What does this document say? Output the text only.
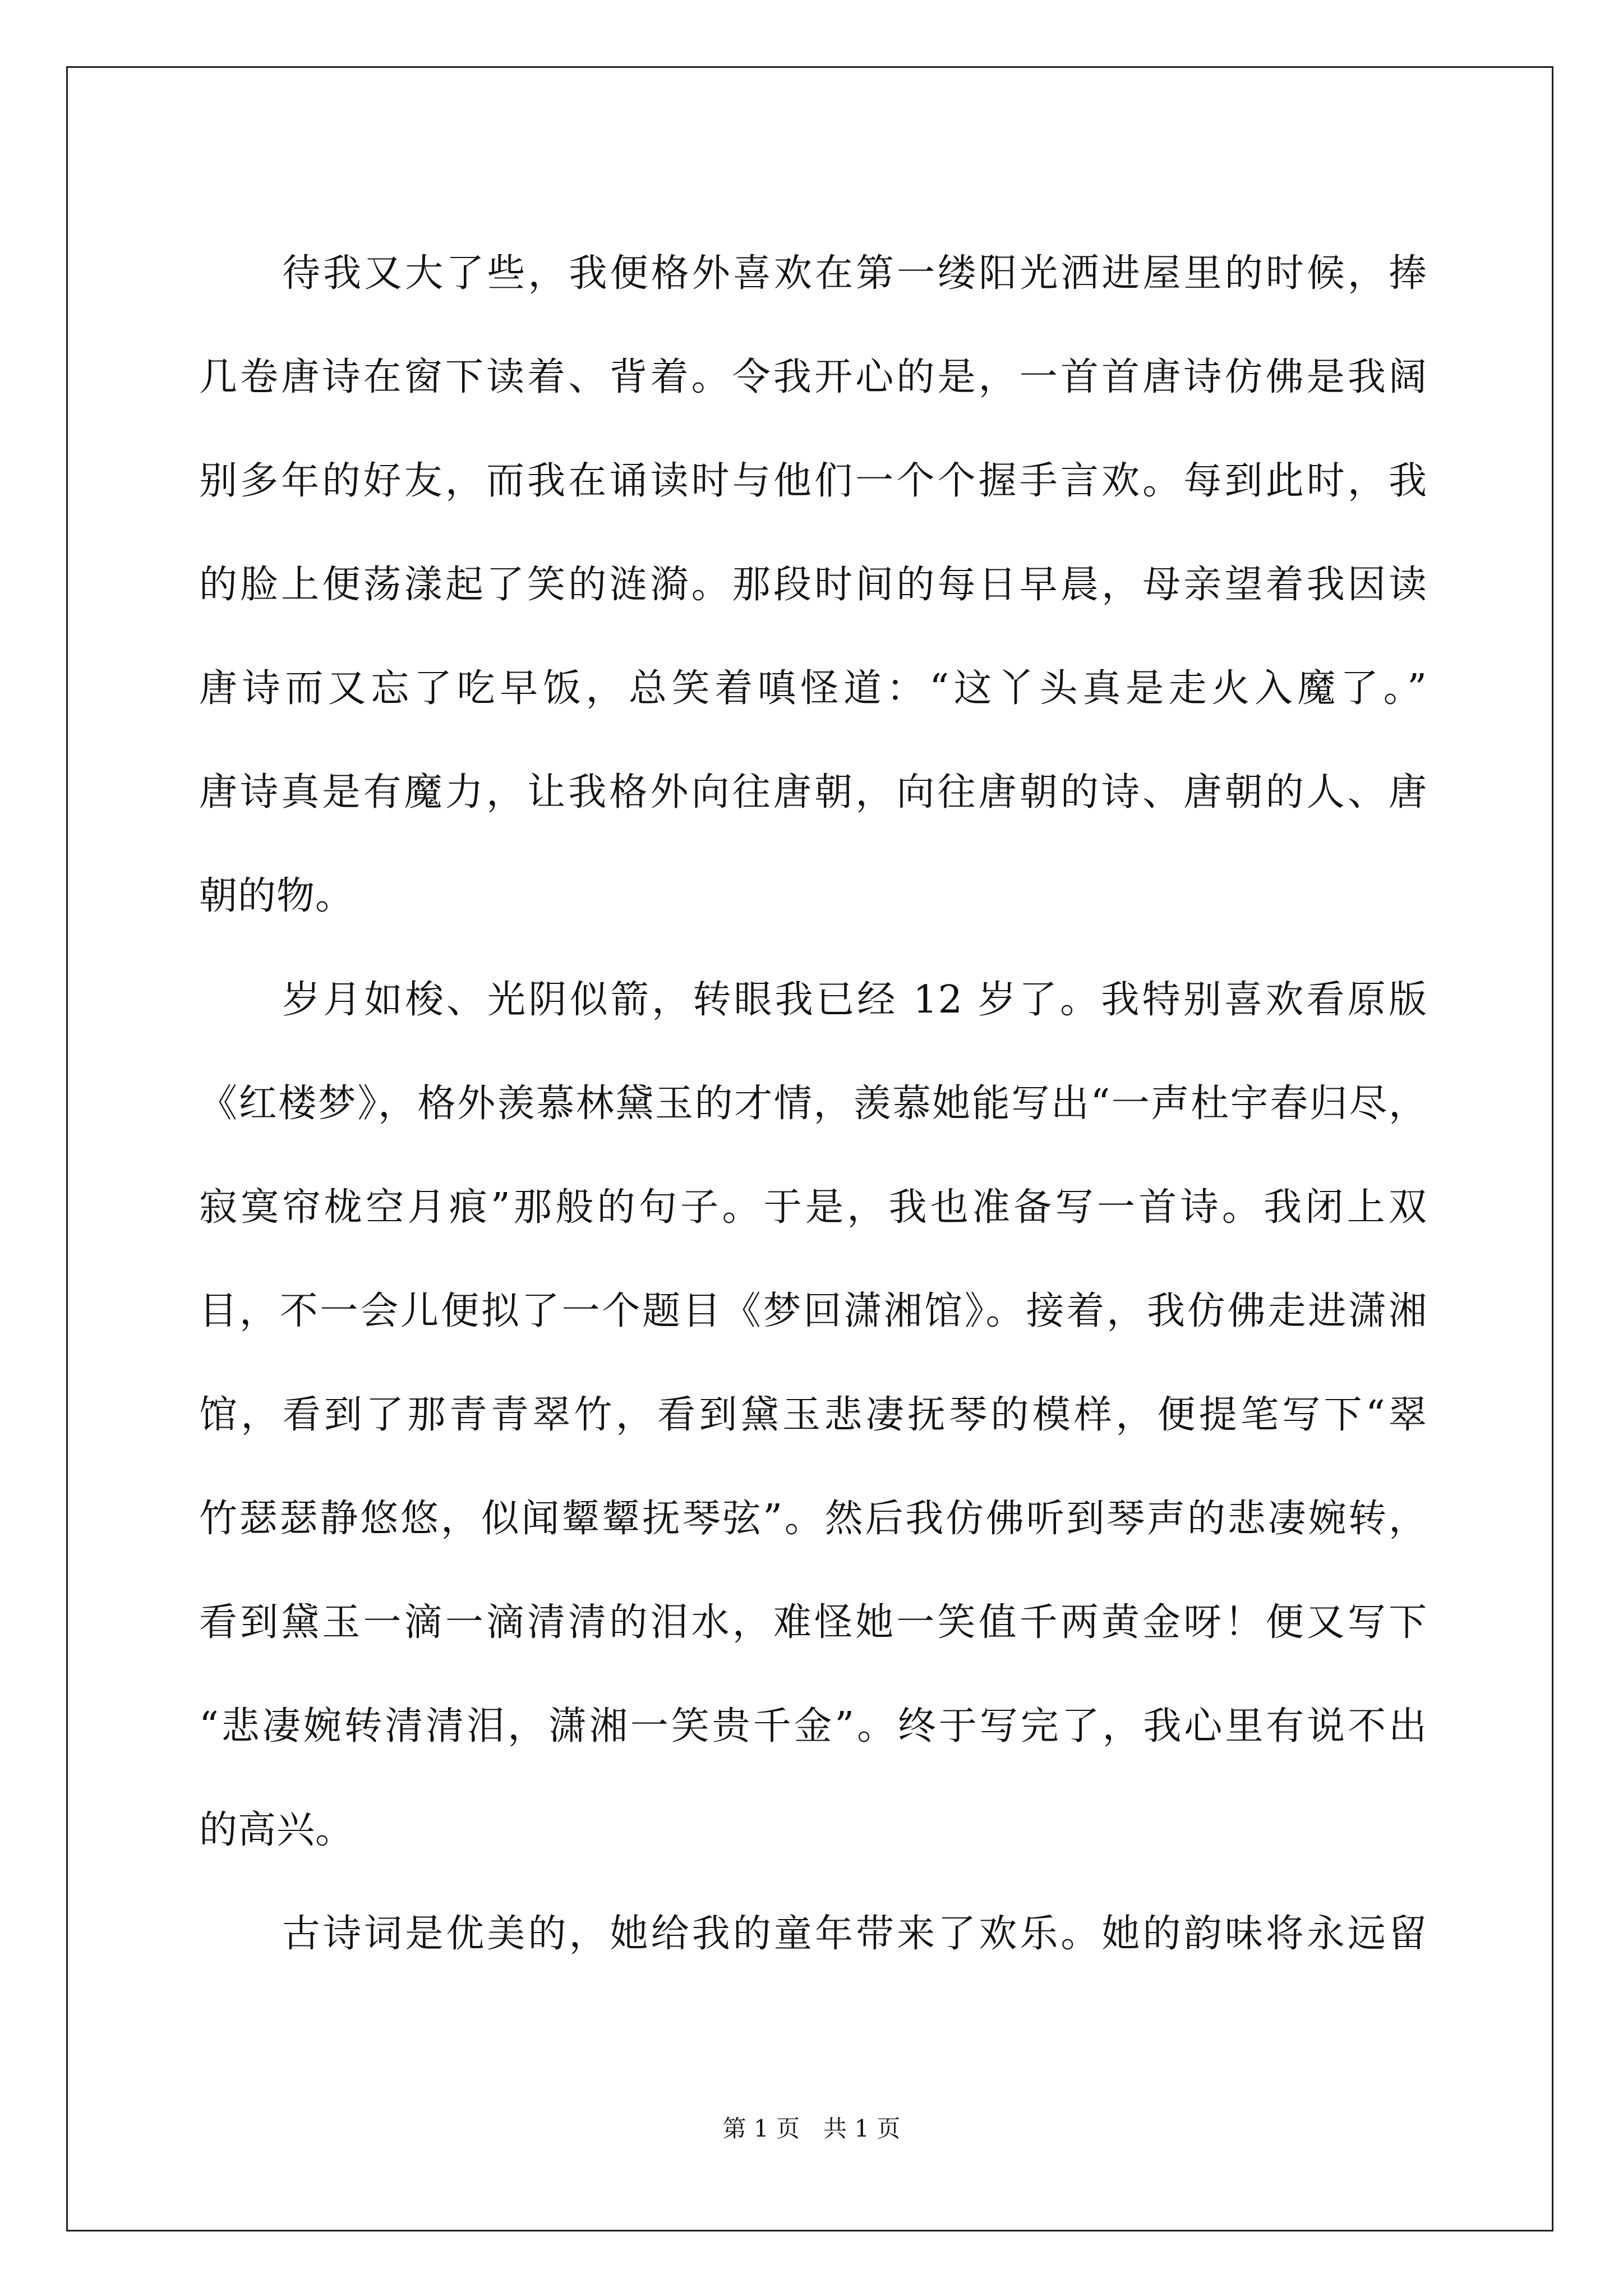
待我又大了些，我便格外喜欢在第一缕阳光洒进屋里的时候，捧
几卷唐诗在窗下读着、背着。令我开心的是，一首首唐诗仿佛是我阔
别多年的好友，而我在诵读时与他们一个个握手言欢。每到此时，我
的脸上便荡漾起了笑的涟漪。那段时间的每日早晨，母亲望着我因读
唐诗而又忘了吃早饭，总笑着嗔怪道：“这丫头真是走火入魔了。”
唐诗真是有魔力，让我格外向往唐朝，向往唐朝的诗、唐朝的人、唐
朝的物。
岁月如梭、光阴似箭，转眼我已经 12 岁了。我特别喜欢看原版
《红楼梦》，格外羡慕林黛玉的才情，羡慕她能写出“一声杜宇春归尽，
寂寞帘栊空月痕”那般的句子。于是，我也准备写一首诗。我闭上双
目，不一会儿便拟了一个题目《梦回潇湘馆》。接着，我仿佛走进潇湘
馆，看到了那青青翠竹，看到黛玉悲凄抚琴的模样，便提笔写下“翠
竹瑟瑟静悠悠，似闻颦颦抚琴弦”。然后我仿佛听到琴声的悲凄婉转，
看到黛玉一滴一滴清清的泪水，难怪她一笑值千两黄金呀！便又写下
“悲凄婉转清清泪，潇湘一笑贵千金”。终于写完了，我心里有说不出
的高兴。
古诗词是优美的，她给我的童年带来了欢乐。她的韵味将永远留
第 1 页　共 1 页
